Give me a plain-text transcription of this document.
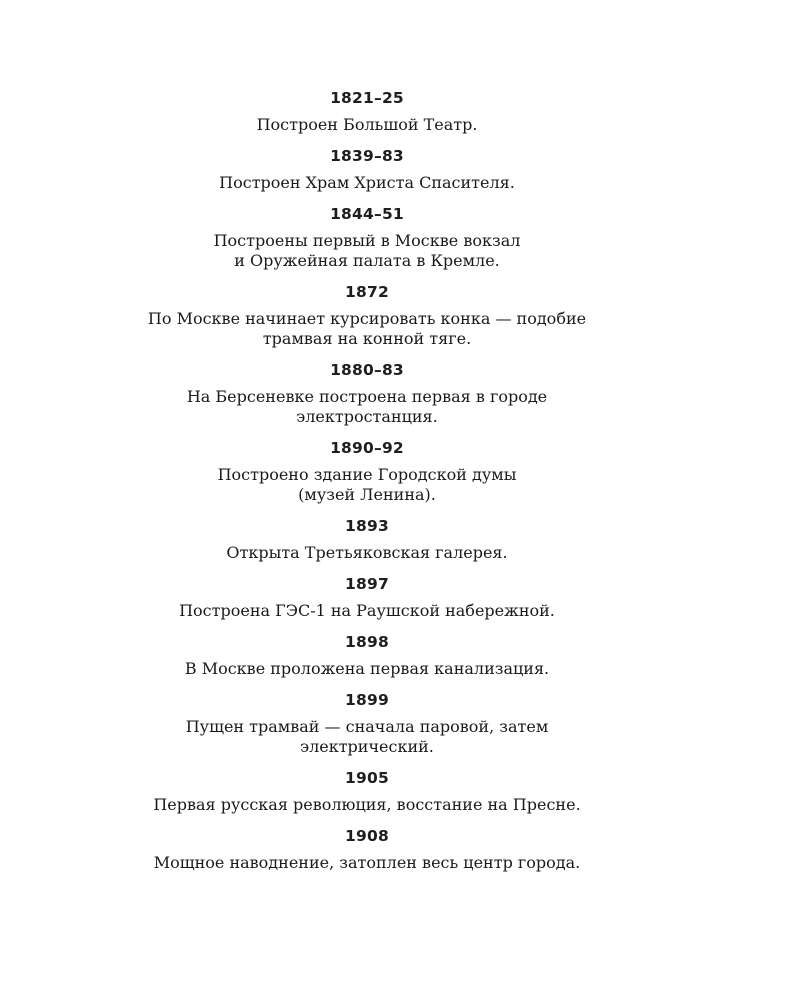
1821–25
Построен Большой Театр.
1839–83
Построен Храм Христа Спасителя.
1844–51
Построены первый в Москве вокзал
и Оружейная палата в Кремле.
1872
По Москве начинает курсировать конка — подобие
трамвая на конной тяге.
1880–83
На Берсеневке построена первая в городе
электростанция.
1890–92
Построено здание Городской думы
(музей Ленина).
1893
Открыта Третьяковская галерея.
1897
Построена ГЭС-1 на Раушской набережной.
1898
В Москве проложена первая канализация.
1899
Пущен трамвай — сначала паровой, затем
электрический.
1905
Первая русская революция, восстание на Пресне.
1908
Мощное наводнение, затоплен весь центр города.
